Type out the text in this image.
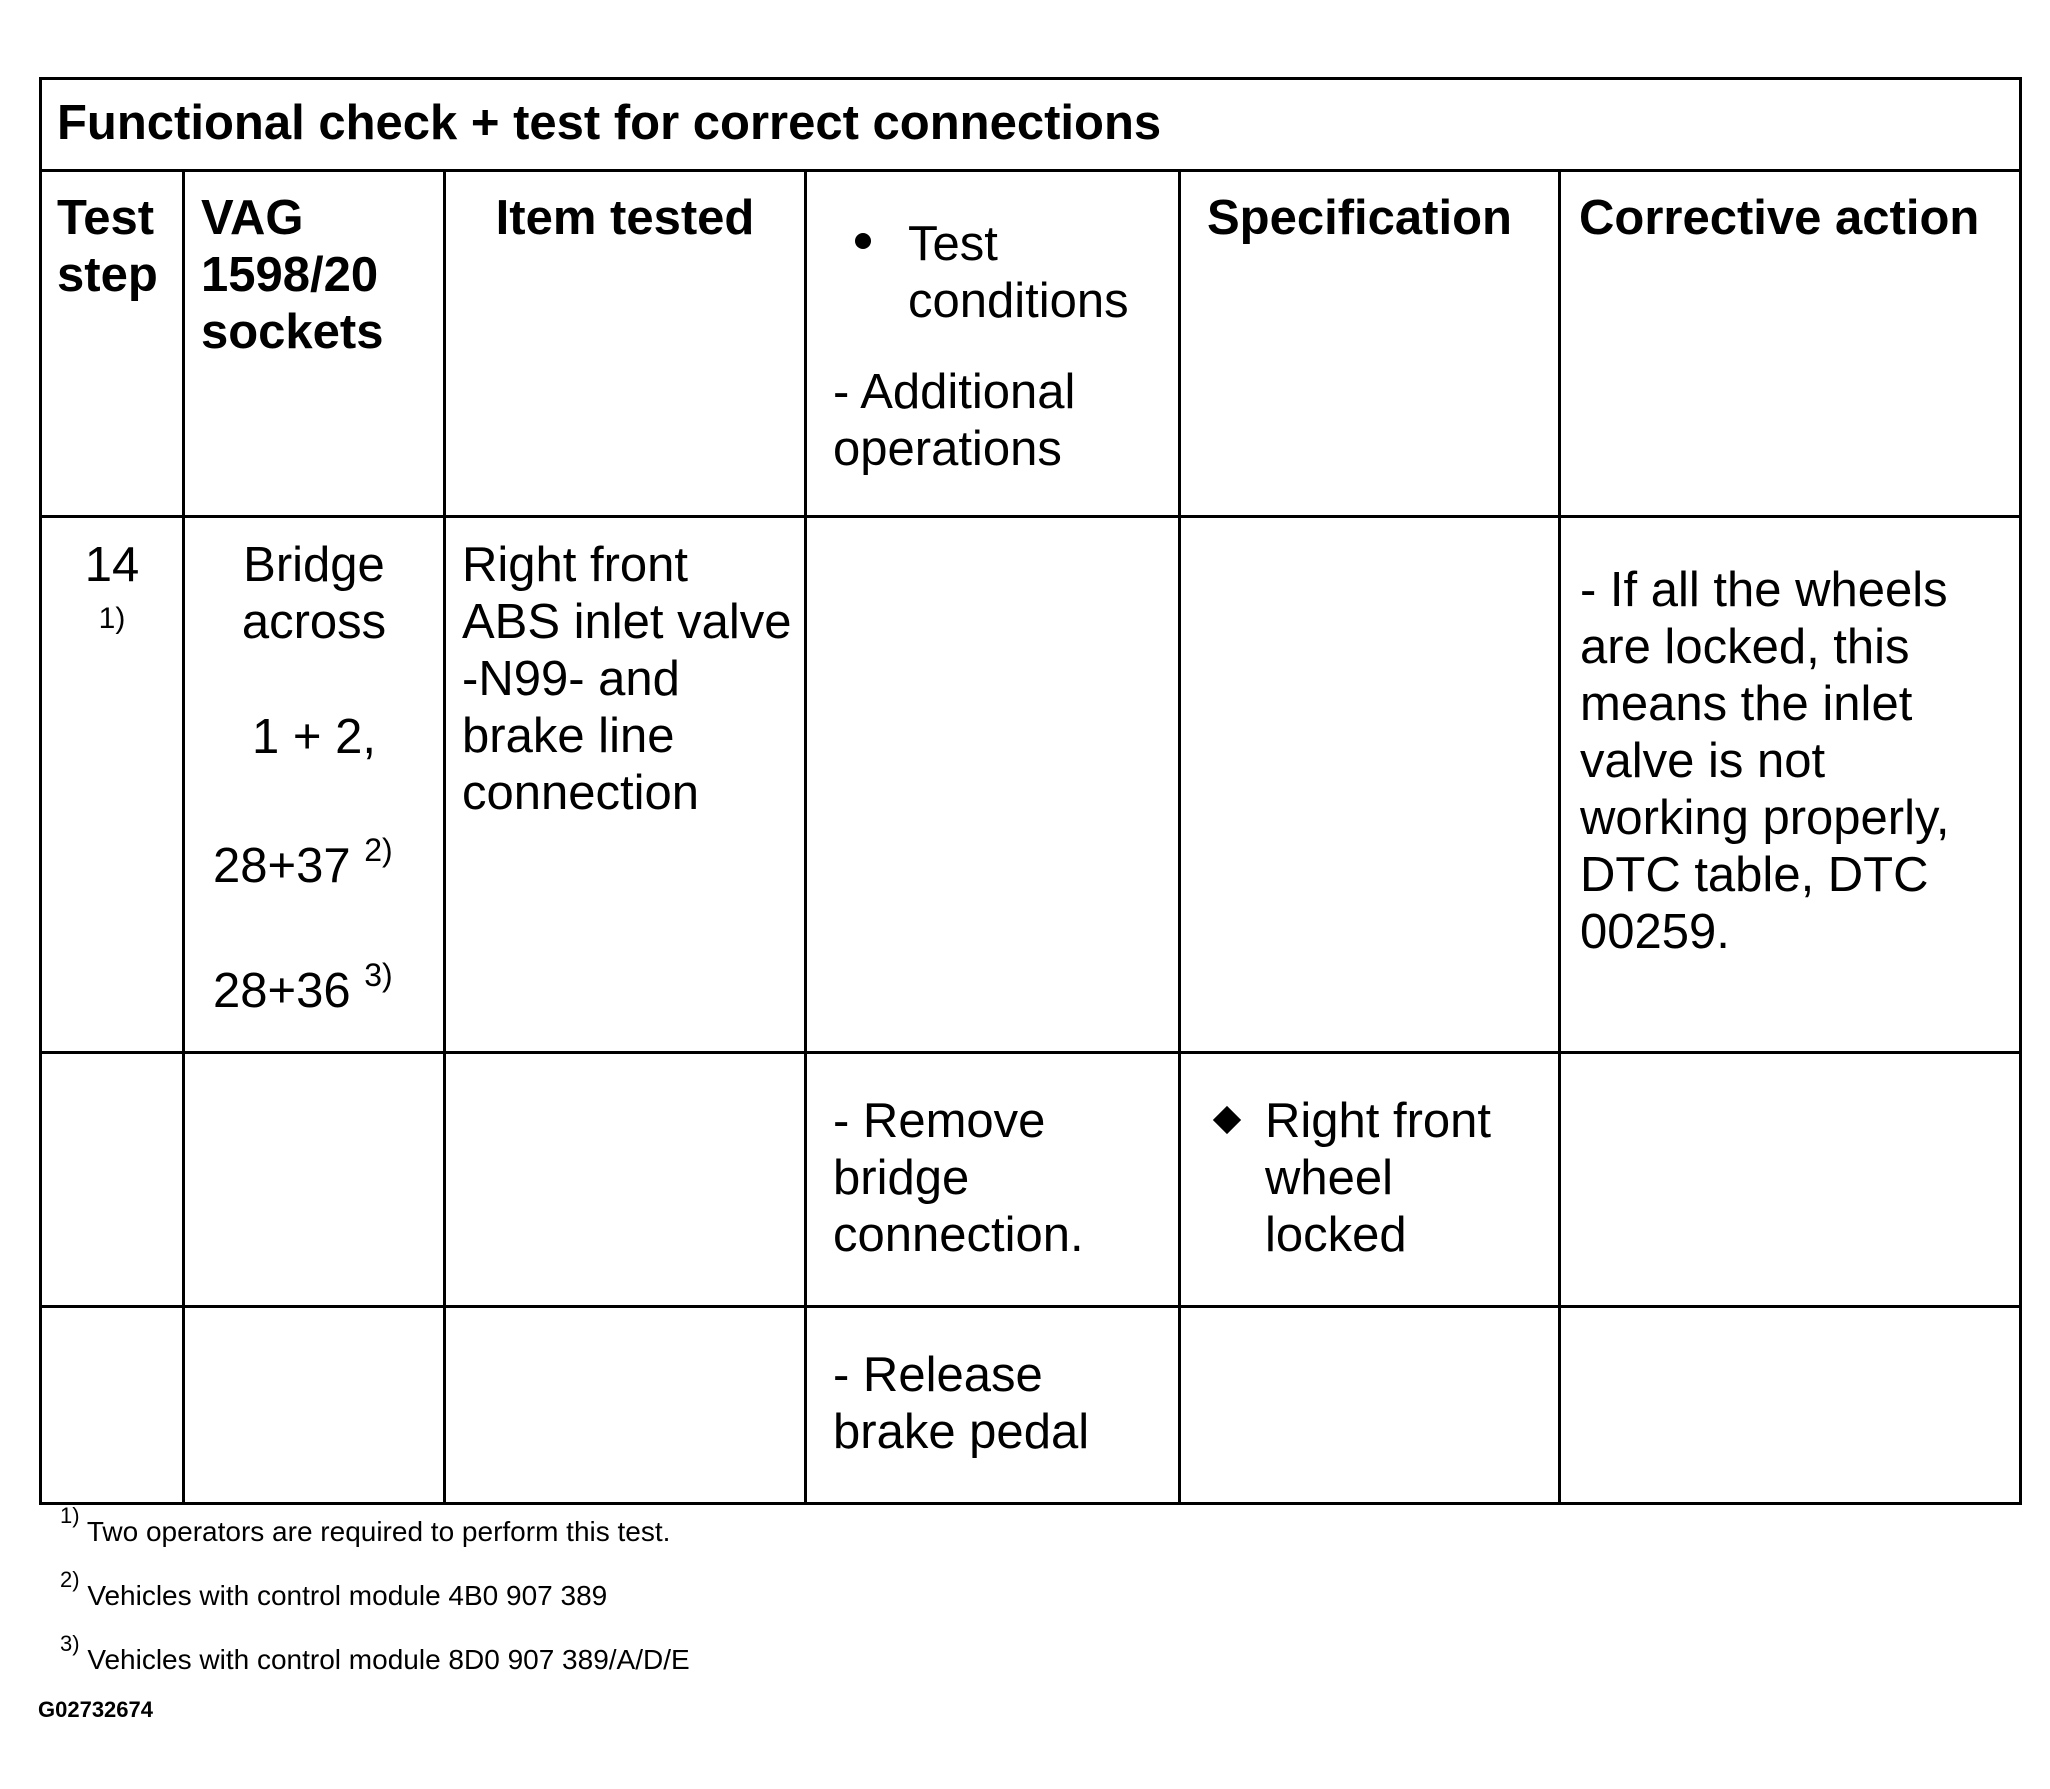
Functional check + test for correct connections
Test
step
VAG
1598/20
sockets
Item tested	Test
conditions
- Additional
operations
Specification Corrective action
14
1)
Bridge
across
1 + 2,
28+37 $^{2)}$
28+36 $^{3)}$
Right front
ABS inlet valve
-N99- and
brake line
connection
- If all the wheels
are locked, this
means the inlet
valve is not
working properly,
DTC table, DTC
00259.
- Remove
bridge
connection.
Right front
wheel
locked
- Release
brake pedal
$^{1)}$ Two operators are required to perform this test.
$^{2)}$ Vehicles with control module 4B0 907 389
$^{3)}$ Vehicles with control module 8D0 907 389/A/D/E
G02732674
